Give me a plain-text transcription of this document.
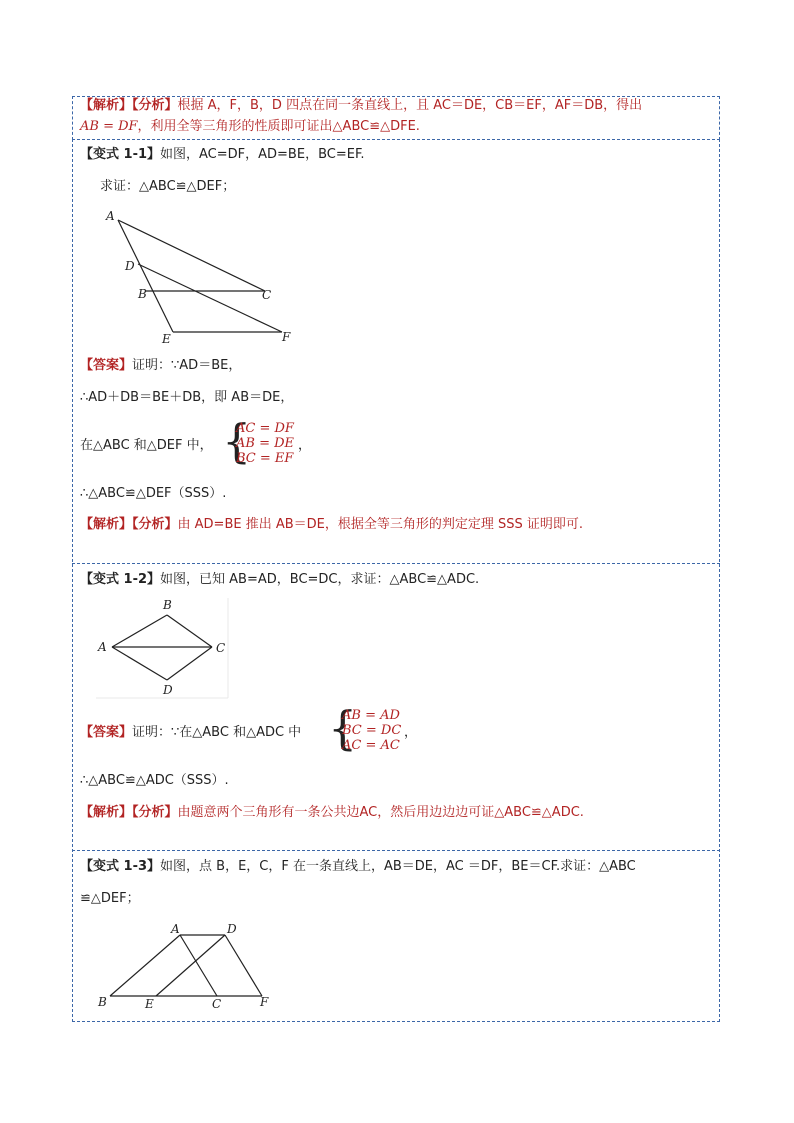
【解析】【分析】根据 A，F，B，D 四点在同一条直线上，且 AC＝DE，CB＝EF，AF＝DB，得出
AB = DF，利用全等三角形的性质即可证出△ABC≌△DFE.
【变式 1-1】如图，AC=DF，AD=BE，BC=EF.
求证：△ABC≌△DEF；
A
D
B	C
E	F
【答案】证明：∵AD＝BE，
∴AD＋DB＝BE＋DB，即 AB＝DE，
在△ABC 和△DEF 中， {
AC = DF
AB = DE
BC = EF
，
∴△ABC≌△DEF（SSS）.
【解析】【分析】由 AD=BE 推出 AB＝DE，根据全等三角形的判定定理 SSS 证明即可.
【变式 1-2】如图，已知 AB=AD，BC=DC，求证：△ABC≌△ADC.
B
A	C
D
【答案】证明：∵在△ABC 和△ADC 中 {
AB = AD
BC = DC
AC = AC
，
∴△ABC≌△ADC（SSS）.
【解析】【分析】由题意两个三角形有一条公共边AC，然后用边边边可证△ABC≌△ADC.
【变式 1-3】如图，点 B，E，C，F 在一条直线上，AB＝DE，AC ＝DF，BE＝CF.求证：△ABC
≌△DEF；
A	D
B	E	C	F
